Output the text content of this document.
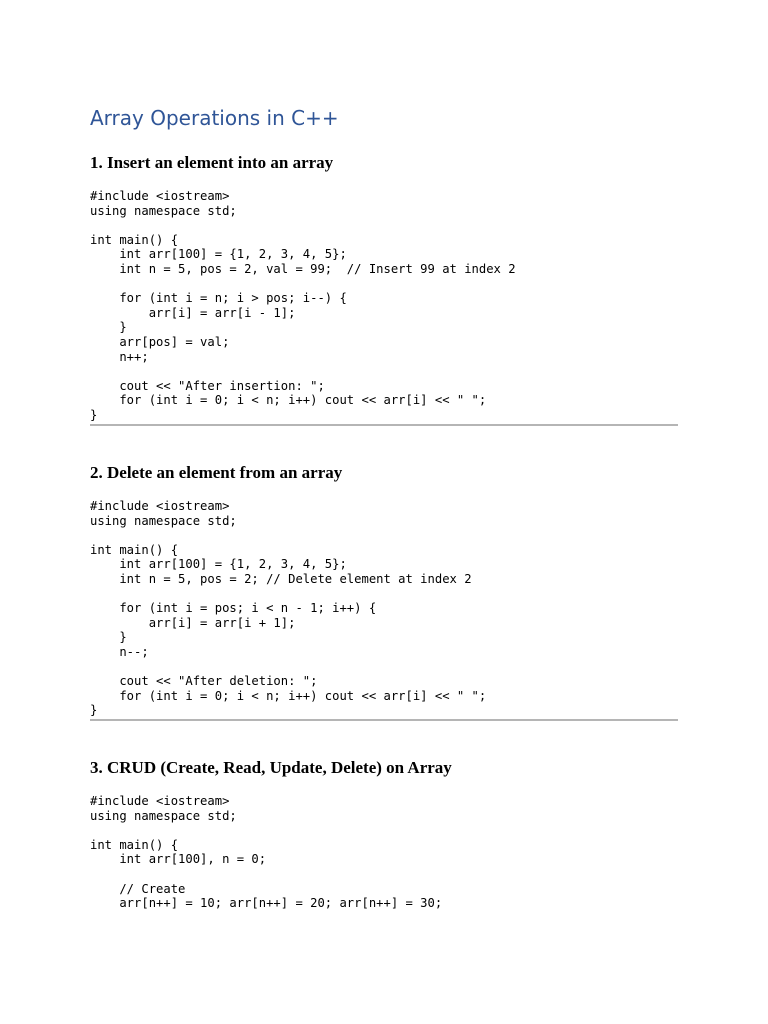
Array Operations in C++
1. Insert an element into an array
#include <iostream>
using namespace std;

int main() {
int arr[100] = {1, 2, 3, 4, 5};
int n = 5, pos = 2, val = 99;  // Insert 99 at index 2

for (int i = n; i > pos; i--) {
arr[i] = arr[i - 1];
}
arr[pos] = val;
n++;

cout << "After insertion: ";
for (int i = 0; i < n; i++) cout << arr[i] << " ";
}
2. Delete an element from an array
#include <iostream>
using namespace std;

int main() {
int arr[100] = {1, 2, 3, 4, 5};
int n = 5, pos = 2; // Delete element at index 2

for (int i = pos; i < n - 1; i++) {
arr[i] = arr[i + 1];
}
n--;

cout << "After deletion: ";
for (int i = 0; i < n; i++) cout << arr[i] << " ";
}
3. CRUD (Create, Read, Update, Delete) on Array
#include <iostream>
using namespace std;

int main() {
int arr[100], n = 0;

// Create
arr[n++] = 10; arr[n++] = 20; arr[n++] = 30;
